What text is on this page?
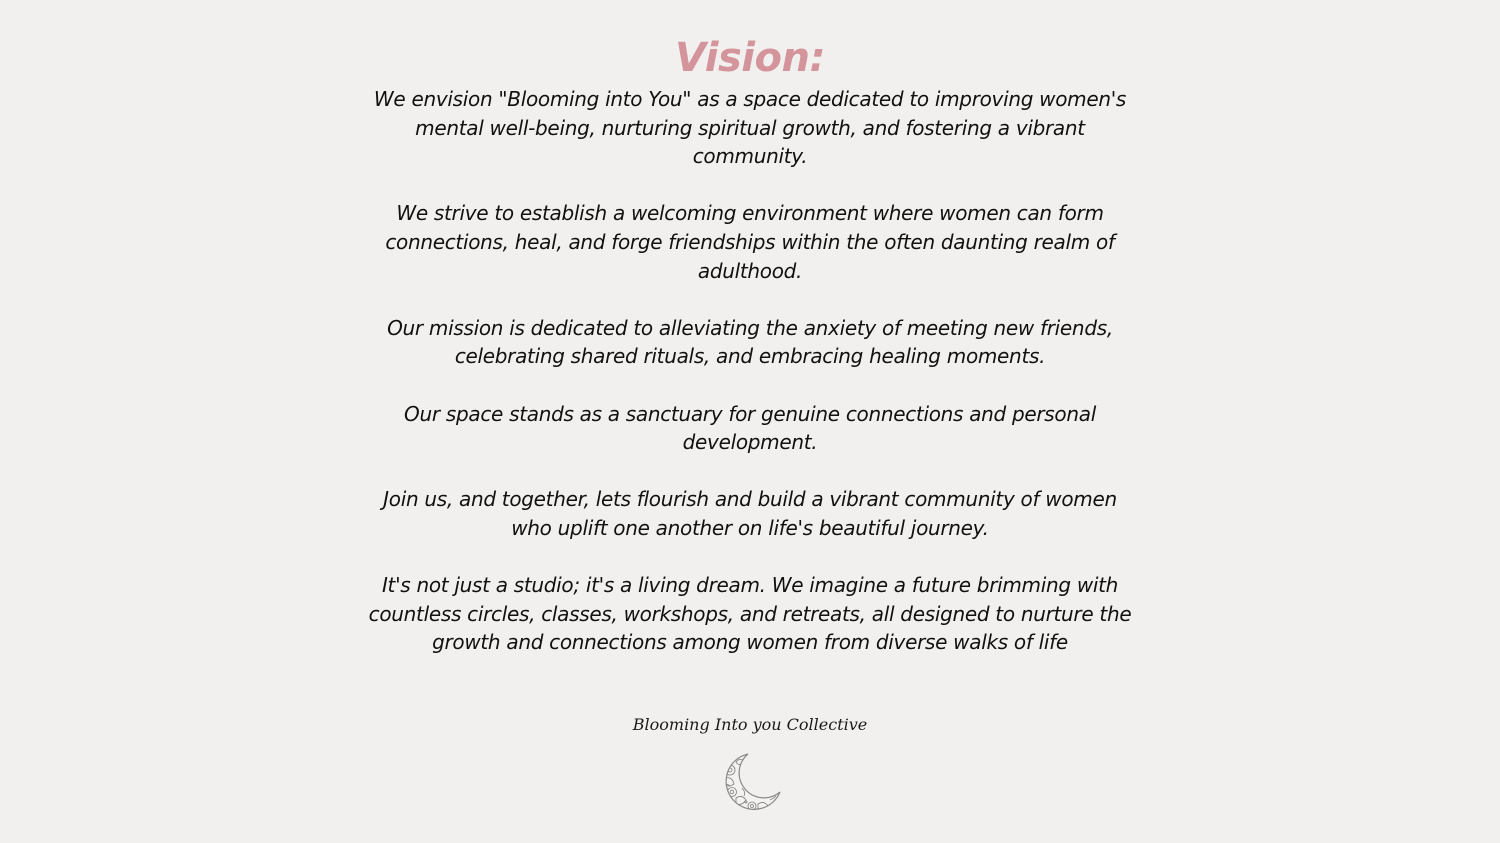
Vision:

We envision "Blooming into You" as a space dedicated to improving women's mental well-being, nurturing spiritual growth, and fostering a vibrant community.

We strive to establish a welcoming environment where women can form connections, heal, and forge friendships within the often daunting realm of adulthood.

Our mission is dedicated to alleviating the anxiety of meeting new friends, celebrating shared rituals, and embracing healing moments.

Our space stands as a sanctuary for genuine connections and personal development.

Join us, and together, lets flourish and build a vibrant community of women who uplift one another on life's beautiful journey.

It's not just a studio; it's a living dream. We imagine a future brimming with countless circles, classes, workshops, and retreats, all designed to nurture the growth and connections among women from diverse walks of life

Blooming Into you Collective
